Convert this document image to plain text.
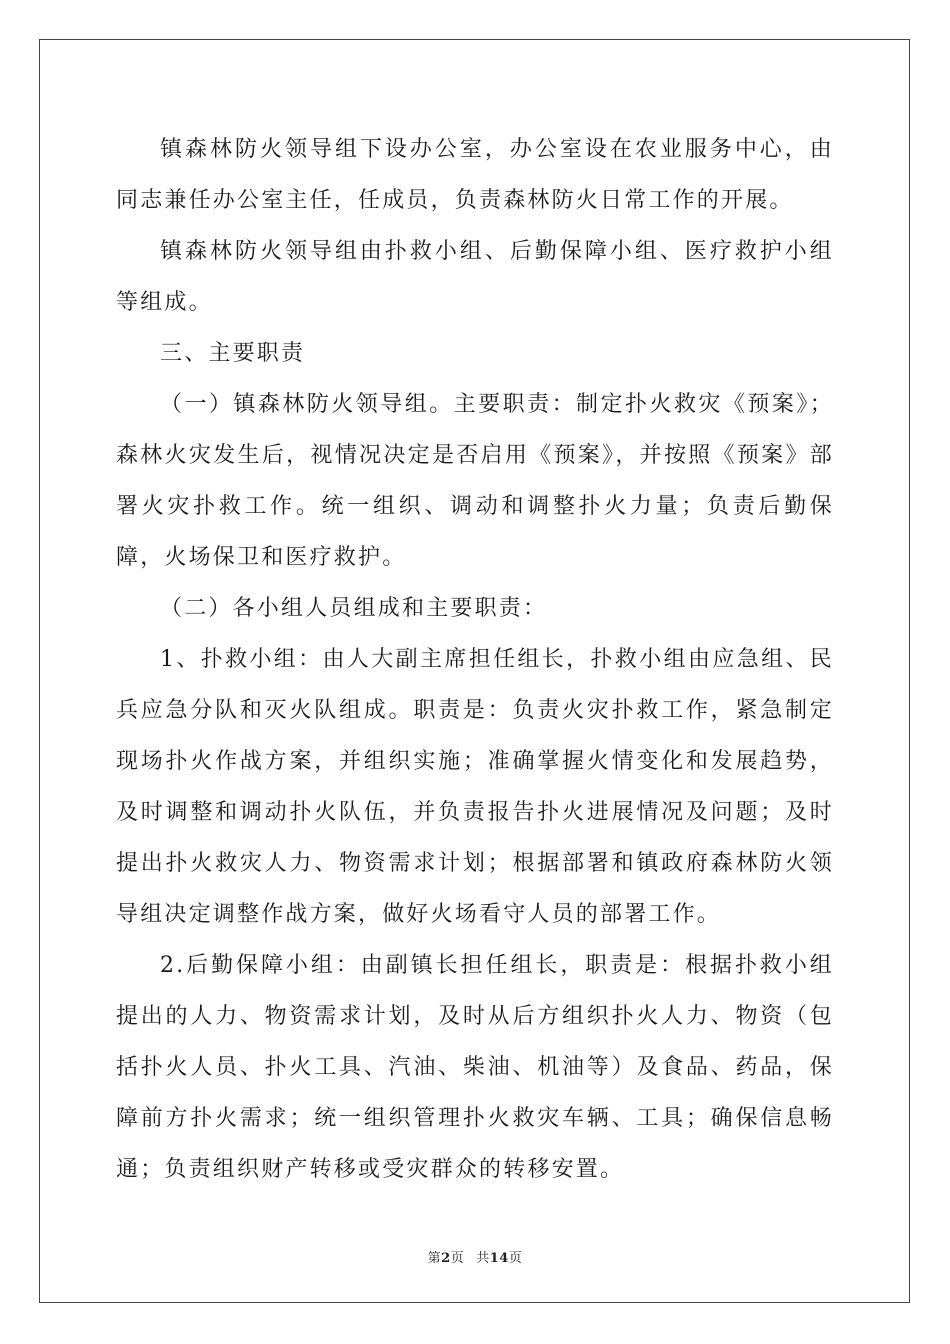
镇森林防火领导组下设办公室，办公室设在农业服务中心，由同志兼任办公室主任，任成员，负责森林防火日常工作的开展。

镇森林防火领导组由扑救小组、后勤保障小组、医疗救护小组等组成。

三、主要职责

（一）镇森林防火领导组。主要职责：制定扑火救灾《预案》；森林火灾发生后，视情况决定是否启用《预案》，并按照《预案》部署火灾扑救工作。统一组织、调动和调整扑火力量；负责后勤保障，火场保卫和医疗救护。

（二）各小组人员组成和主要职责：

1、扑救小组：由人大副主席担任组长，扑救小组由应急组、民兵应急分队和灭火队组成。职责是：负责火灾扑救工作，紧急制定现场扑火作战方案，并组织实施；准确掌握火情变化和发展趋势，及时调整和调动扑火队伍，并负责报告扑火进展情况及问题；及时提出扑火救灾人力、物资需求计划；根据部署和镇政府森林防火领导组决定调整作战方案，做好火场看守人员的部署工作。

2.后勤保障小组：由副镇长担任组长，职责是：根据扑救小组提出的人力、物资需求计划，及时从后方组织扑火人力、物资（包括扑火人员、扑火工具、汽油、柴油、机油等）及食品、药品，保障前方扑火需求；统一组织管理扑火救灾车辆、工具；确保信息畅通；负责组织财产转移或受灾群众的转移安置。

第2页 共14页
